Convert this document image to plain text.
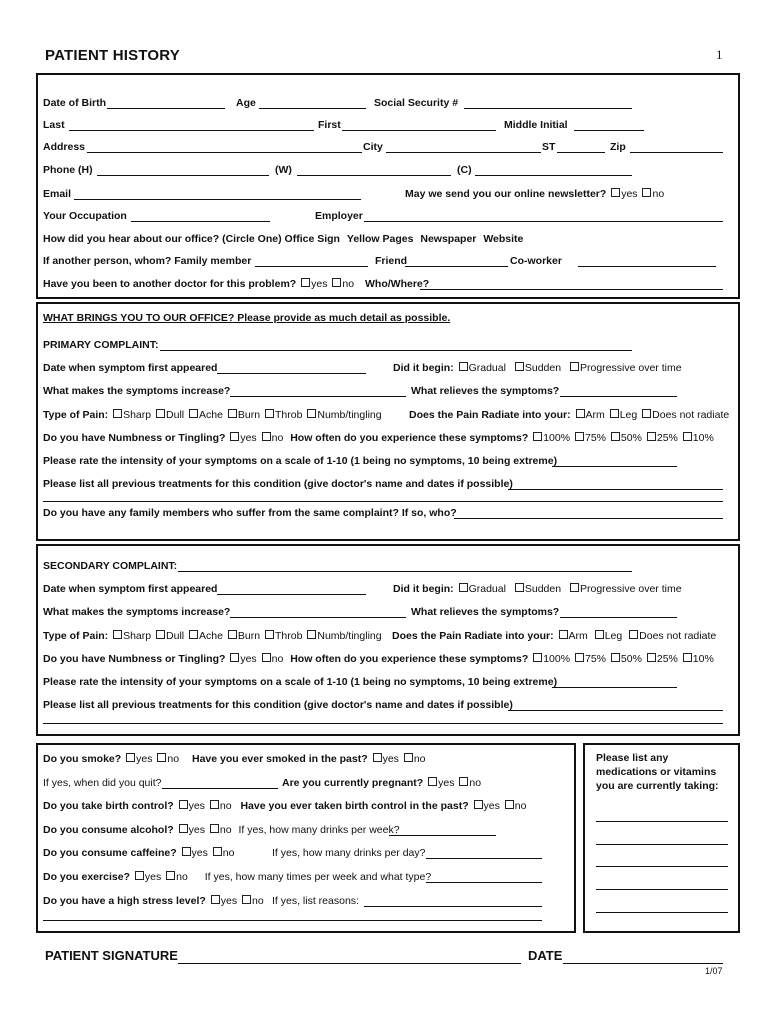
PATIENT HISTORY	1
Date of Birth	Age	Social Security #
Last	First	Middle Initial
Address	City	ST	Zip
Phone (H)	(W)	(C)
Email	May we send you our online newsletter? yes no
Your Occupation	Employer
How did you hear about our office? (Circle One) Office Sign Yellow Pages Newspaper Website
If another person, whom? Family member	Friend	Co-worker
Have you been to another doctor for this problem? yes no Who/Where?
WHAT BRINGS YOU TO OUR OFFICE? Please provide as much detail as possible.
PRIMARY COMPLAINT:
Date when symptom first appeared	Did it begin: Gradual Sudden Progressive over time
What makes the symptoms increase?	What relieves the symptoms?
Type of Pain: Sharp Dull Ache Burn Throb Numb/tingling	Does the Pain Radiate into your: Arm Leg Does not radiate
Do you have Numbness or Tingling? yes no How often do you experience these symptoms? 100% 75% 50% 25% 10%
Please rate the intensity of your symptoms on a scale of 1-10 (1 being no symptoms, 10 being extreme)
Please list all previous treatments for this condition (give doctor's name and dates if possible)
Do you have any family members who suffer from the same complaint? If so, who?
SECONDARY COMPLAINT:
Date when symptom first appeared	Did it begin: Gradual Sudden Progressive over time
What makes the symptoms increase?	What relieves the symptoms?
Type of Pain: Sharp Dull Ache Burn Throb Numb/tingling Does the Pain Radiate into your: Arm Leg Does not radiate
Do you have Numbness or Tingling? yes no How often do you experience these symptoms? 100% 75% 50% 25% 10%
Please rate the intensity of your symptoms on a scale of 1-10 (1 being no symptoms, 10 being extreme)
Please list all previous treatments for this condition (give doctor's name and dates if possible)
Do you smoke? yes no Have you ever smoked in the past? yes no
If yes, when did you quit?	Are you currently pregnant? yes no
Do you take birth control? yes no Have you ever taken birth control in the past? yes no
Do you consume alcohol? yes no If yes, how many drinks per week?
Do you consume caffeine? yes no	If yes, how many drinks per day?
Do you exercise? yes no If yes, how many times per week and what type?
Do you have a high stress level? yes no If yes, list reasons:
Please list any medications or vitamins you are currently taking:
PATIENT SIGNATURE	DATE
1/07
